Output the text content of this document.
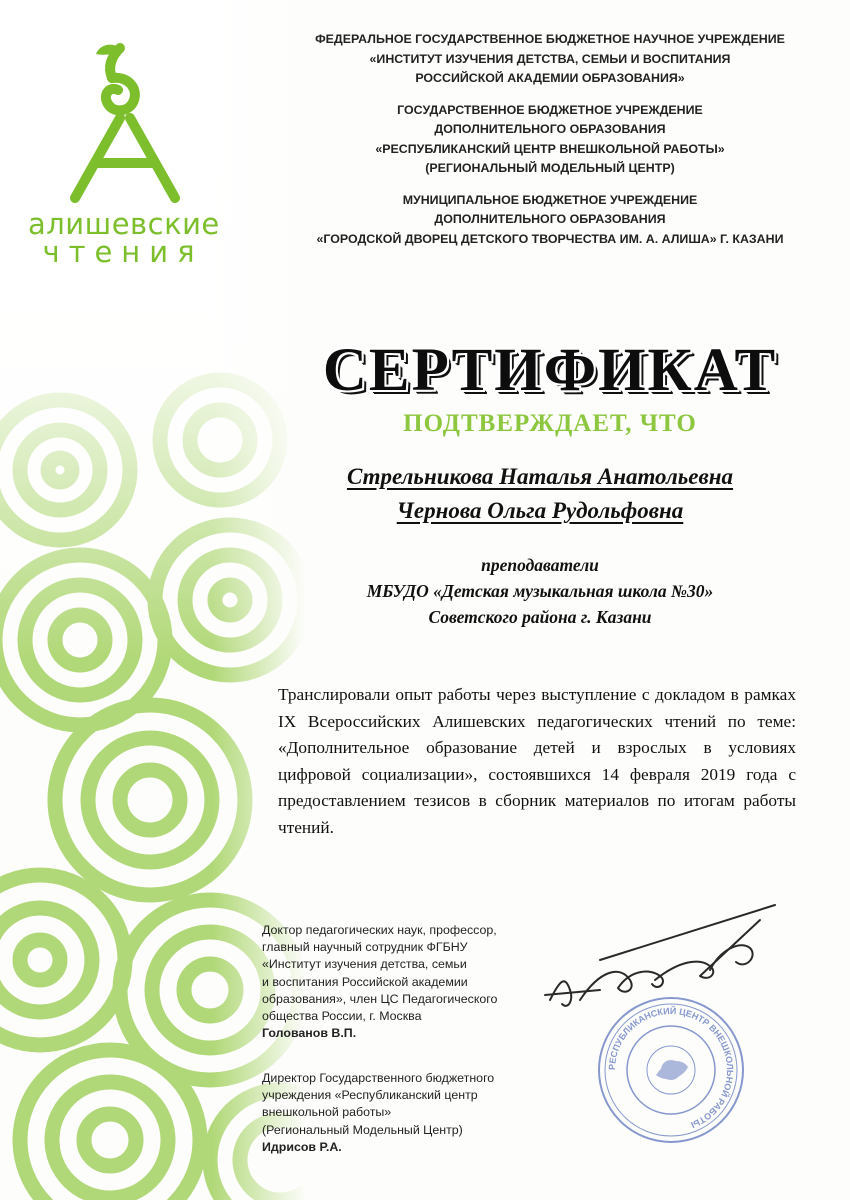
алишевские
чтения
ФЕДЕРАЛЬНОЕ ГОСУДАРСТВЕННОЕ БЮДЖЕТНОЕ НАУЧНОЕ УЧРЕЖДЕНИЕ
«ИНСТИТУТ ИЗУЧЕНИЯ ДЕТСТВА, СЕМЬИ И ВОСПИТАНИЯ
РОССИЙСКОЙ АКАДЕМИИ ОБРАЗОВАНИЯ»
ГОСУДАРСТВЕННОЕ БЮДЖЕТНОЕ УЧРЕЖДЕНИЕ
ДОПОЛНИТЕЛЬНОГО ОБРАЗОВАНИЯ
«РЕСПУБЛИКАНСКИЙ ЦЕНТР ВНЕШКОЛЬНОЙ РАБОТЫ»
(РЕГИОНАЛЬНЫЙ МОДЕЛЬНЫЙ ЦЕНТР)
МУНИЦИПАЛЬНОЕ БЮДЖЕТНОЕ УЧРЕЖДЕНИЕ
ДОПОЛНИТЕЛЬНОГО ОБРАЗОВАНИЯ
«ГОРОДСКОЙ ДВОРЕЦ ДЕТСКОГО ТВОРЧЕСТВА ИМ. А. АЛИША» Г. КАЗАНИ
СЕРТИФИКАТ
ПОДТВЕРЖДАЕТ, ЧТО
Стрельникова Наталья Анатольевна
Чернова Ольга Рудольфовна
преподаватели
МБУДО «Детская музыкальная школа №30»
Советского района г. Казани
Транслировали опыт работы через выступление с докладом в рамках IX Всероссийских Алишевских педагогических чтений по теме: «Дополнительное образование детей и взрослых в условиях цифровой социализации», состоявшихся 14 февраля 2019 года с предоставлением тезисов в сборник материалов по итогам работы чтений.
Доктор педагогических наук, профессор,
главный научный сотрудник ФГБНУ
«Институт изучения детства, семьи
и воспитания Российской академии
образования», член ЦС Педагогического
общества России, г. Москва
Голованов В.П.
Директор Государственного бюджетного
учреждения «Республиканский центр
внешкольной работы»
(Региональный Модельный Центр)
Идрисов Р.А.
РЕСПУБЛИКАНСКИЙ ЦЕНТР ВНЕШКОЛЬНОЙ РАБОТЫ
